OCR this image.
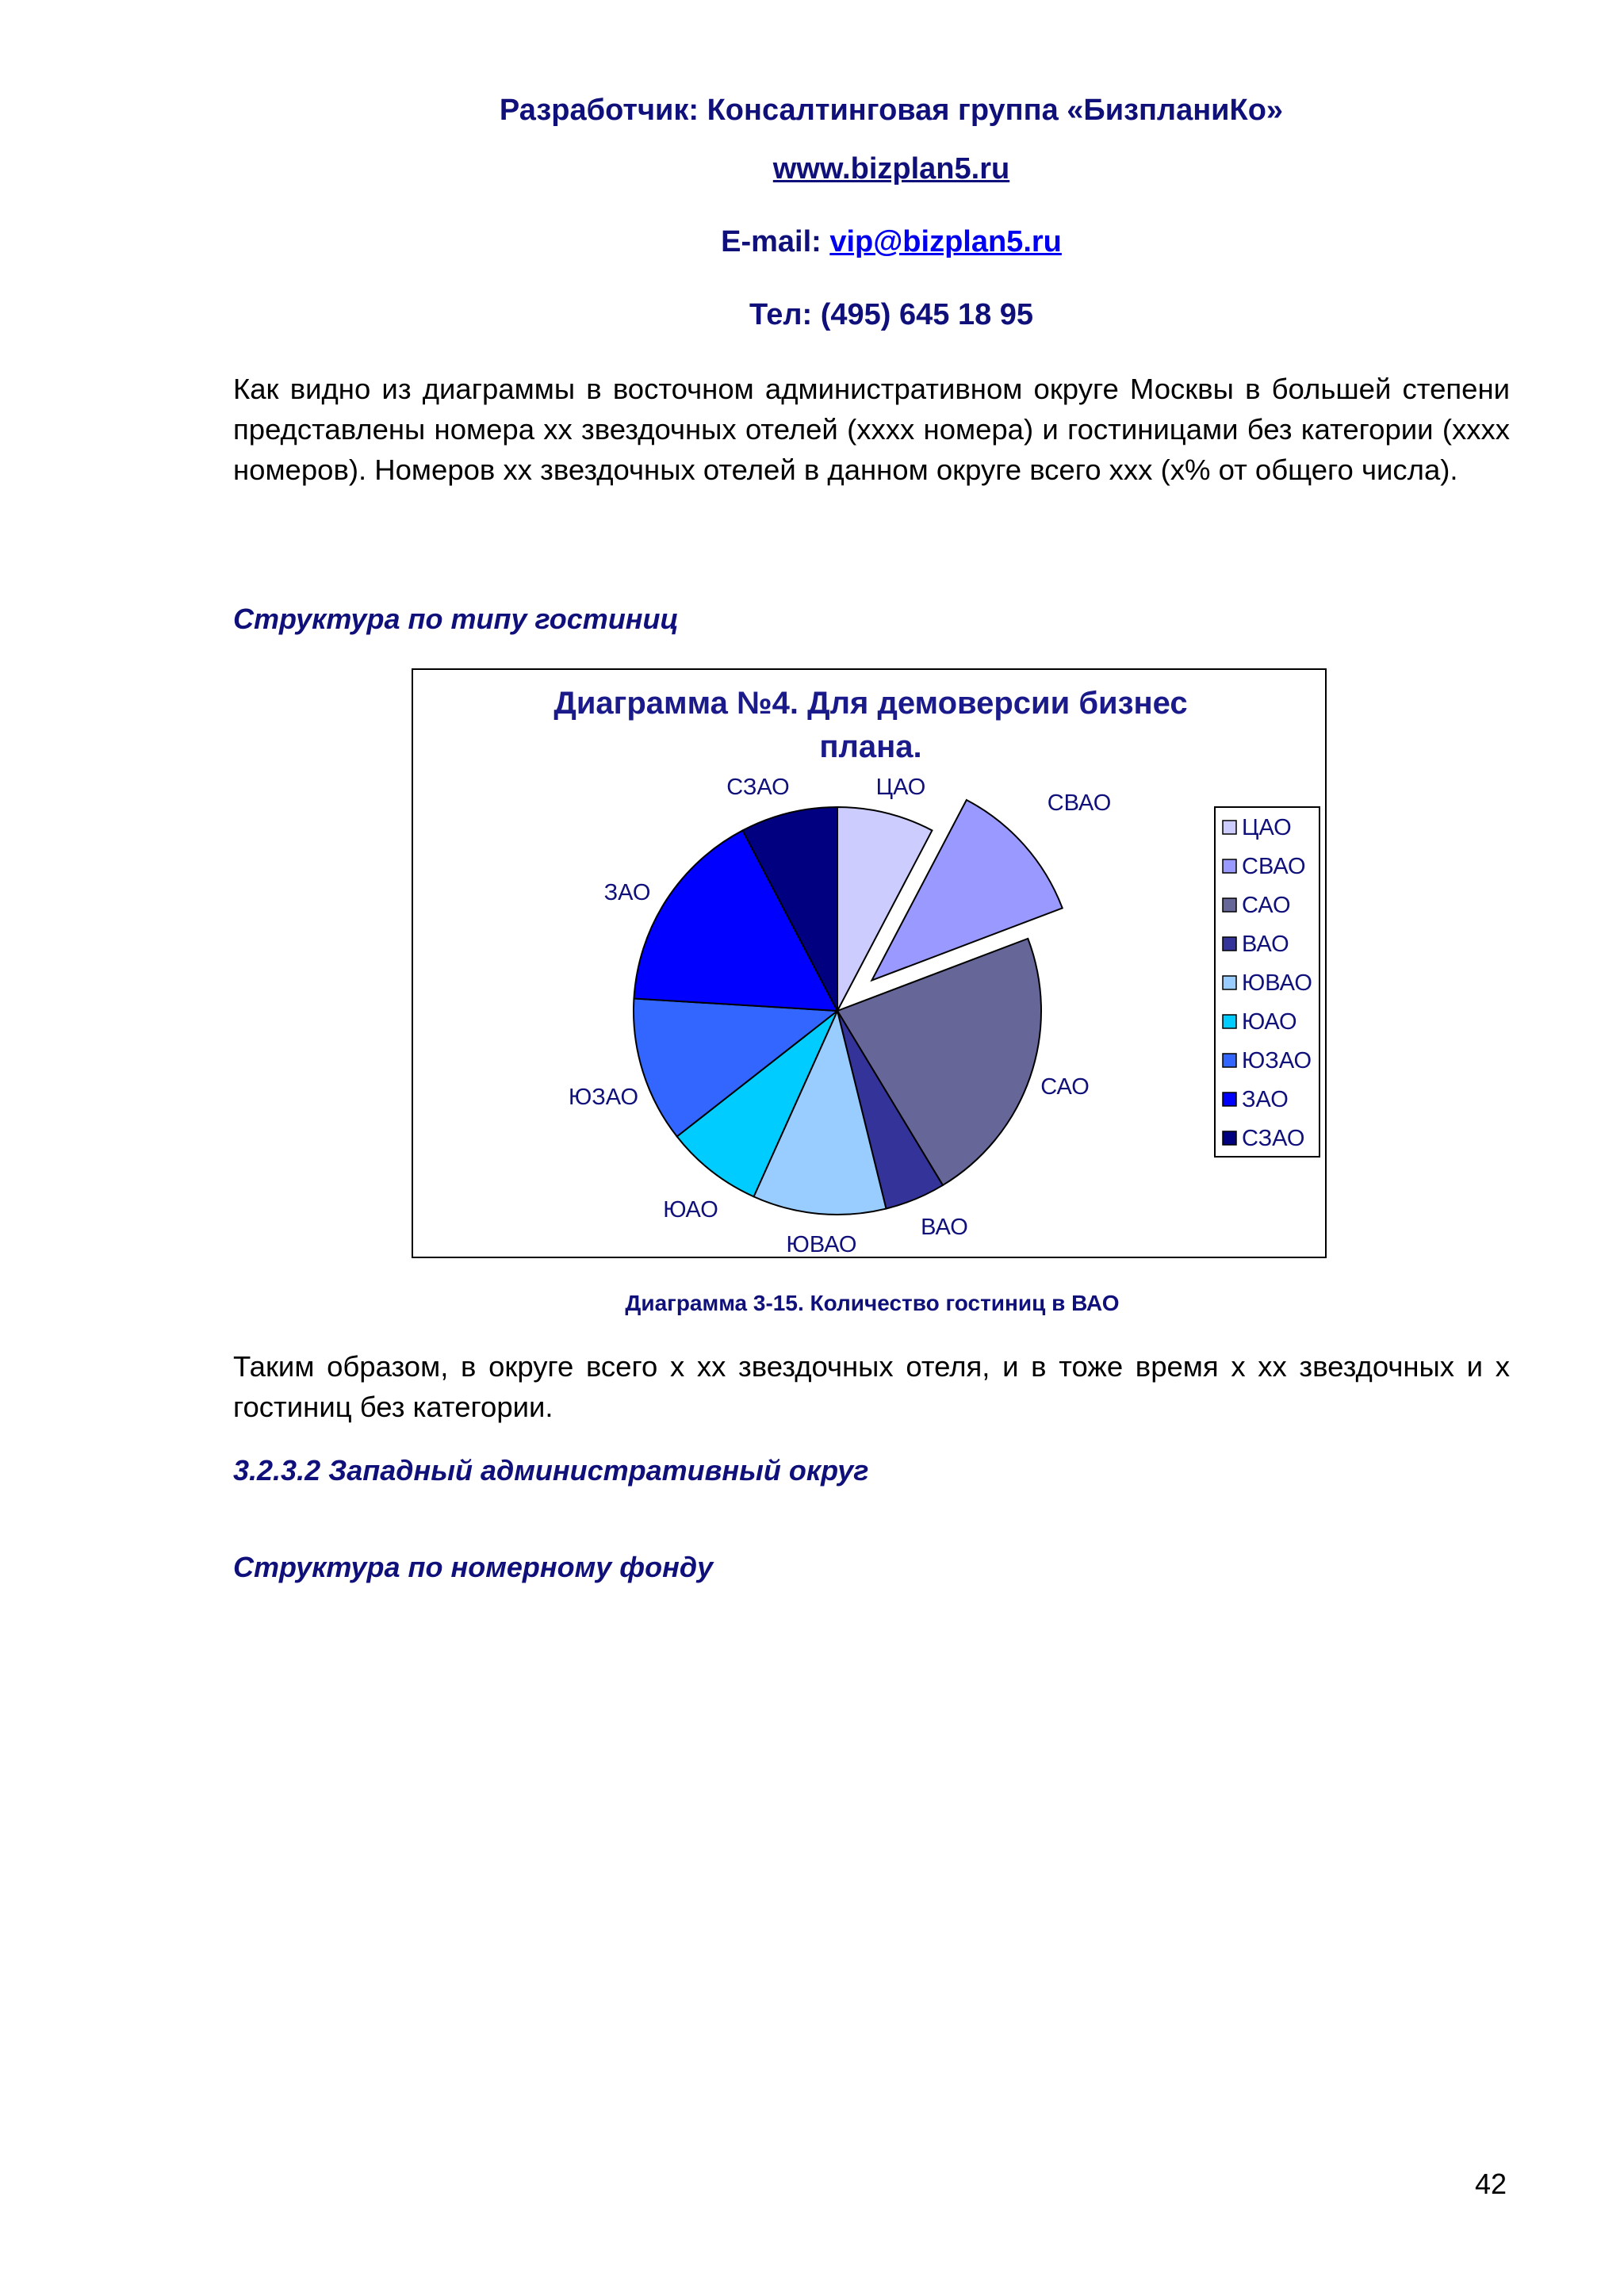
Разработчик: Консалтинговая группа «БизпланиКо»
www.bizplan5.ru
E-mail: vip@bizplan5.ru
Тел: (495) 645 18 95
Как видно из диаграммы в восточном административном округе Москвы в большей степени представлены номера хх звездочных отелей (хххх номера) и гостиницами без категории (хххх номеров). Номеров хх звездочных отелей в данном округе всего ххх (х% от общего числа).
Структура по типу гостиниц
Диаграмма №4. Для демоверсии бизнес
плана.
ЦАО
СВАО
САО
ВАО
ЮВАО
ЮАО
ЮЗАО
ЗАО
СЗАО
ЦАО
СВАО
САО
ВАО
ЮВАО
ЮАО
ЮЗАО
ЗАО
СЗАО
Диаграмма 3-15. Количество гостиниц в ВАО
Таким образом, в округе всего х хх звездочных отеля, и в тоже время х хх звездочных и х гостиниц без категории.
3.2.3.2 Западный административный округ
Структура по номерному фонду
42
